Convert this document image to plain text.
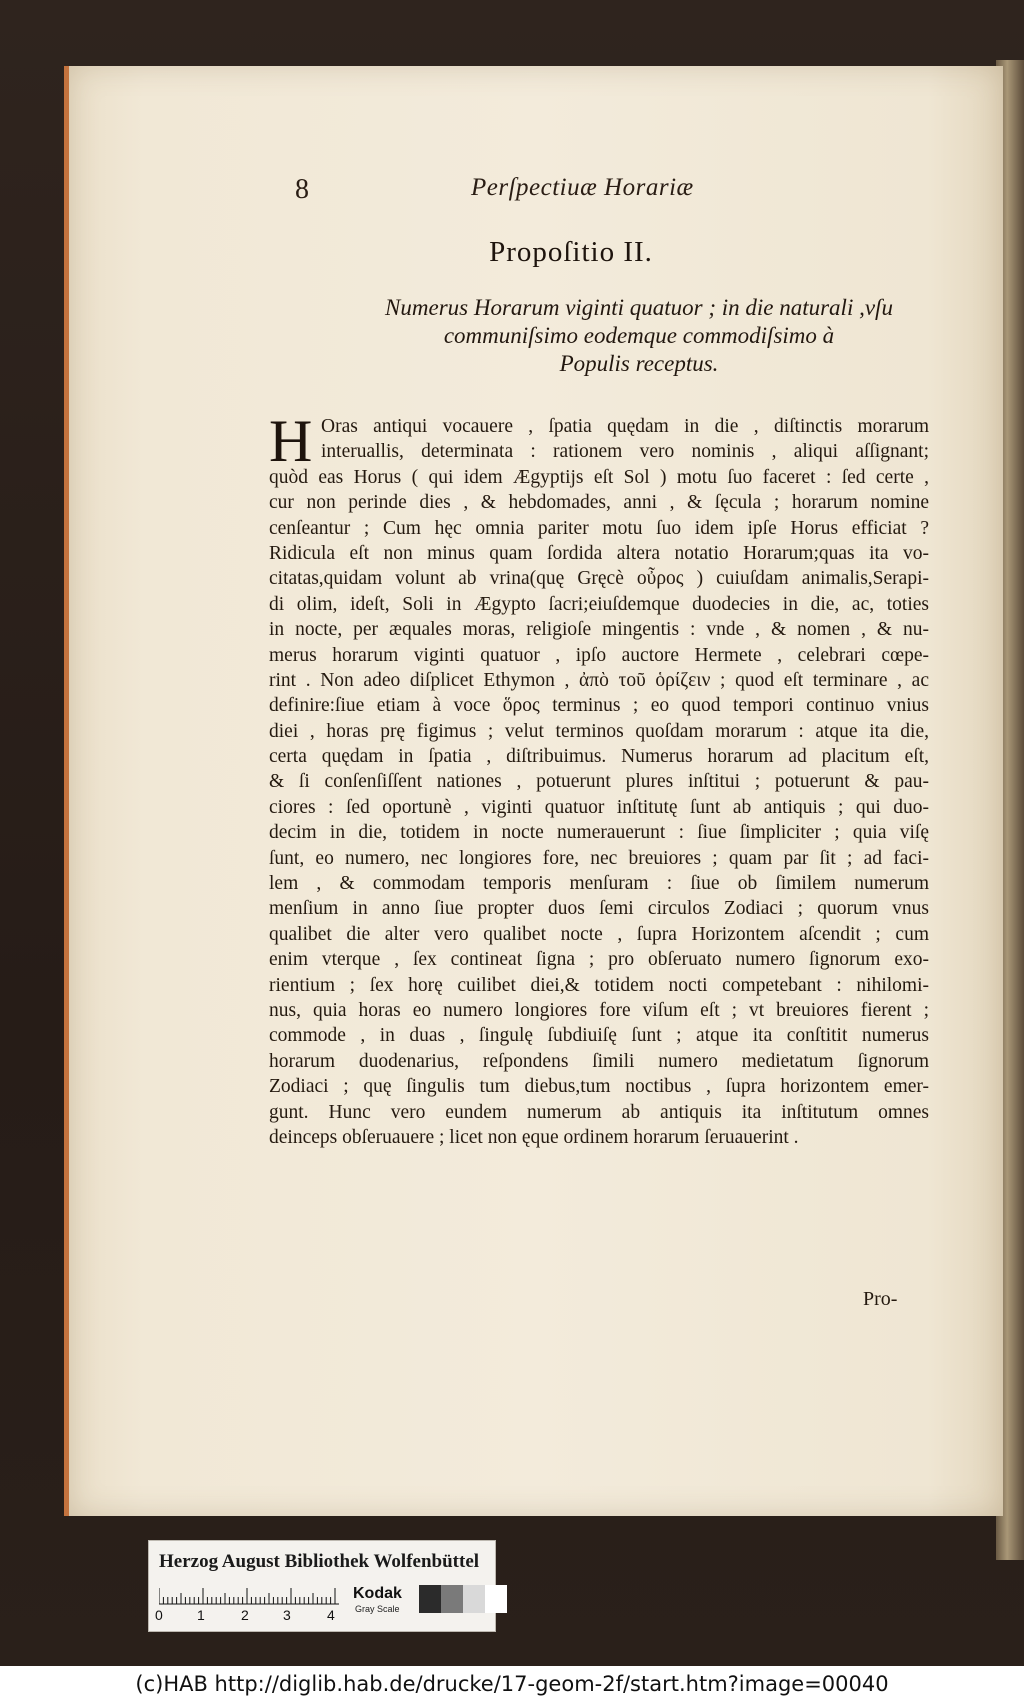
8	Perſpectiuæ Horariæ
Propoſitio II.
Numerus Horarum viginti quatuor ; in die naturali ,vſu
communiſsimo eodemque commodiſsimo à
Populis receptus.
H Oras antiqui vocauere , ſpatia quędam in die , diſtinctis morarum
interuallis, determinata : rationem vero nominis , aliqui aſſignant;
quòd eas Horus ( qui idem Ægyptijs eſt Sol ) motu ſuo faceret : ſed certe ,
cur non perinde dies , & hebdomades, anni , & ſęcula ; horarum nomine
cenſeantur ; Cum hęc omnia pariter motu ſuo idem ipſe Horus efficiat ?
Ridicula eſt non minus quam ſordida altera notatio Horarum;quas ita vo-
citatas,quidam volunt ab vrina(quę Gręcè οὖρος ) cuiuſdam animalis,Serapi-
di olim, ideſt, Soli in Ægypto ſacri;eiuſdemque duodecies in die, ac, toties
in nocte, per æquales moras, religioſe mingentis : vnde , & nomen , & nu-
merus horarum viginti quatuor , ipſo auctore Hermete , celebrari cœpe-
rint . Non adeo diſplicet Ethymon , ἀπὸ τοῦ ὁρίζειν ; quod eſt terminare , ac
definire:ſiue etiam à voce ὅρος terminus ; eo quod tempori continuo vnius
diei , horas prę figimus ; velut terminos quoſdam morarum : atque ita die,
certa quędam in ſpatia , diſtribuimus. Numerus horarum ad placitum eſt,
& ſi conſenſiſſent nationes , potuerunt plures inſtitui ; potuerunt & pau-
ciores : ſed oportunè , viginti quatuor inſtitutę ſunt ab antiquis ; qui duo-
decim in die, totidem in nocte numerauerunt : ſiue ſimpliciter ; quia viſę
ſunt, eo numero, nec longiores fore, nec breuiores ; quam par ſit ; ad faci-
lem , & commodam temporis menſuram : ſiue ob ſimilem numerum
menſium in anno ſiue propter duos ſemi circulos Zodiaci ; quorum vnus
qualibet die alter vero qualibet nocte , ſupra Horizontem aſcendit ; cum
enim vterque , ſex contineat ſigna ; pro obſeruato numero ſignorum exo-
rientium ; ſex horę cuilibet diei,& totidem nocti competebant : nihilomi-
nus, quia horas eo numero longiores fore viſum eſt ; vt breuiores fierent ;
commode , in duas , ſingulę ſubdiuiſę ſunt ; atque ita conſtitit numerus
horarum duodenarius, reſpondens ſimili numero medietatum ſignorum
Zodiaci ; quę ſingulis tum diebus,tum noctibus , ſupra horizontem emer-
gunt. Hunc vero eundem numerum ab antiquis ita inſtitutum omnes
deinceps obſeruauere ; licet non ęque ordinem horarum ſeruauerint .
Pro-
Herzog August Bibliothek Wolfenbüttel
0 1	2 3	4
Kodak
Gray Scale
(c)HAB http://diglib.hab.de/drucke/17-geom-2f/start.htm?image=00040
